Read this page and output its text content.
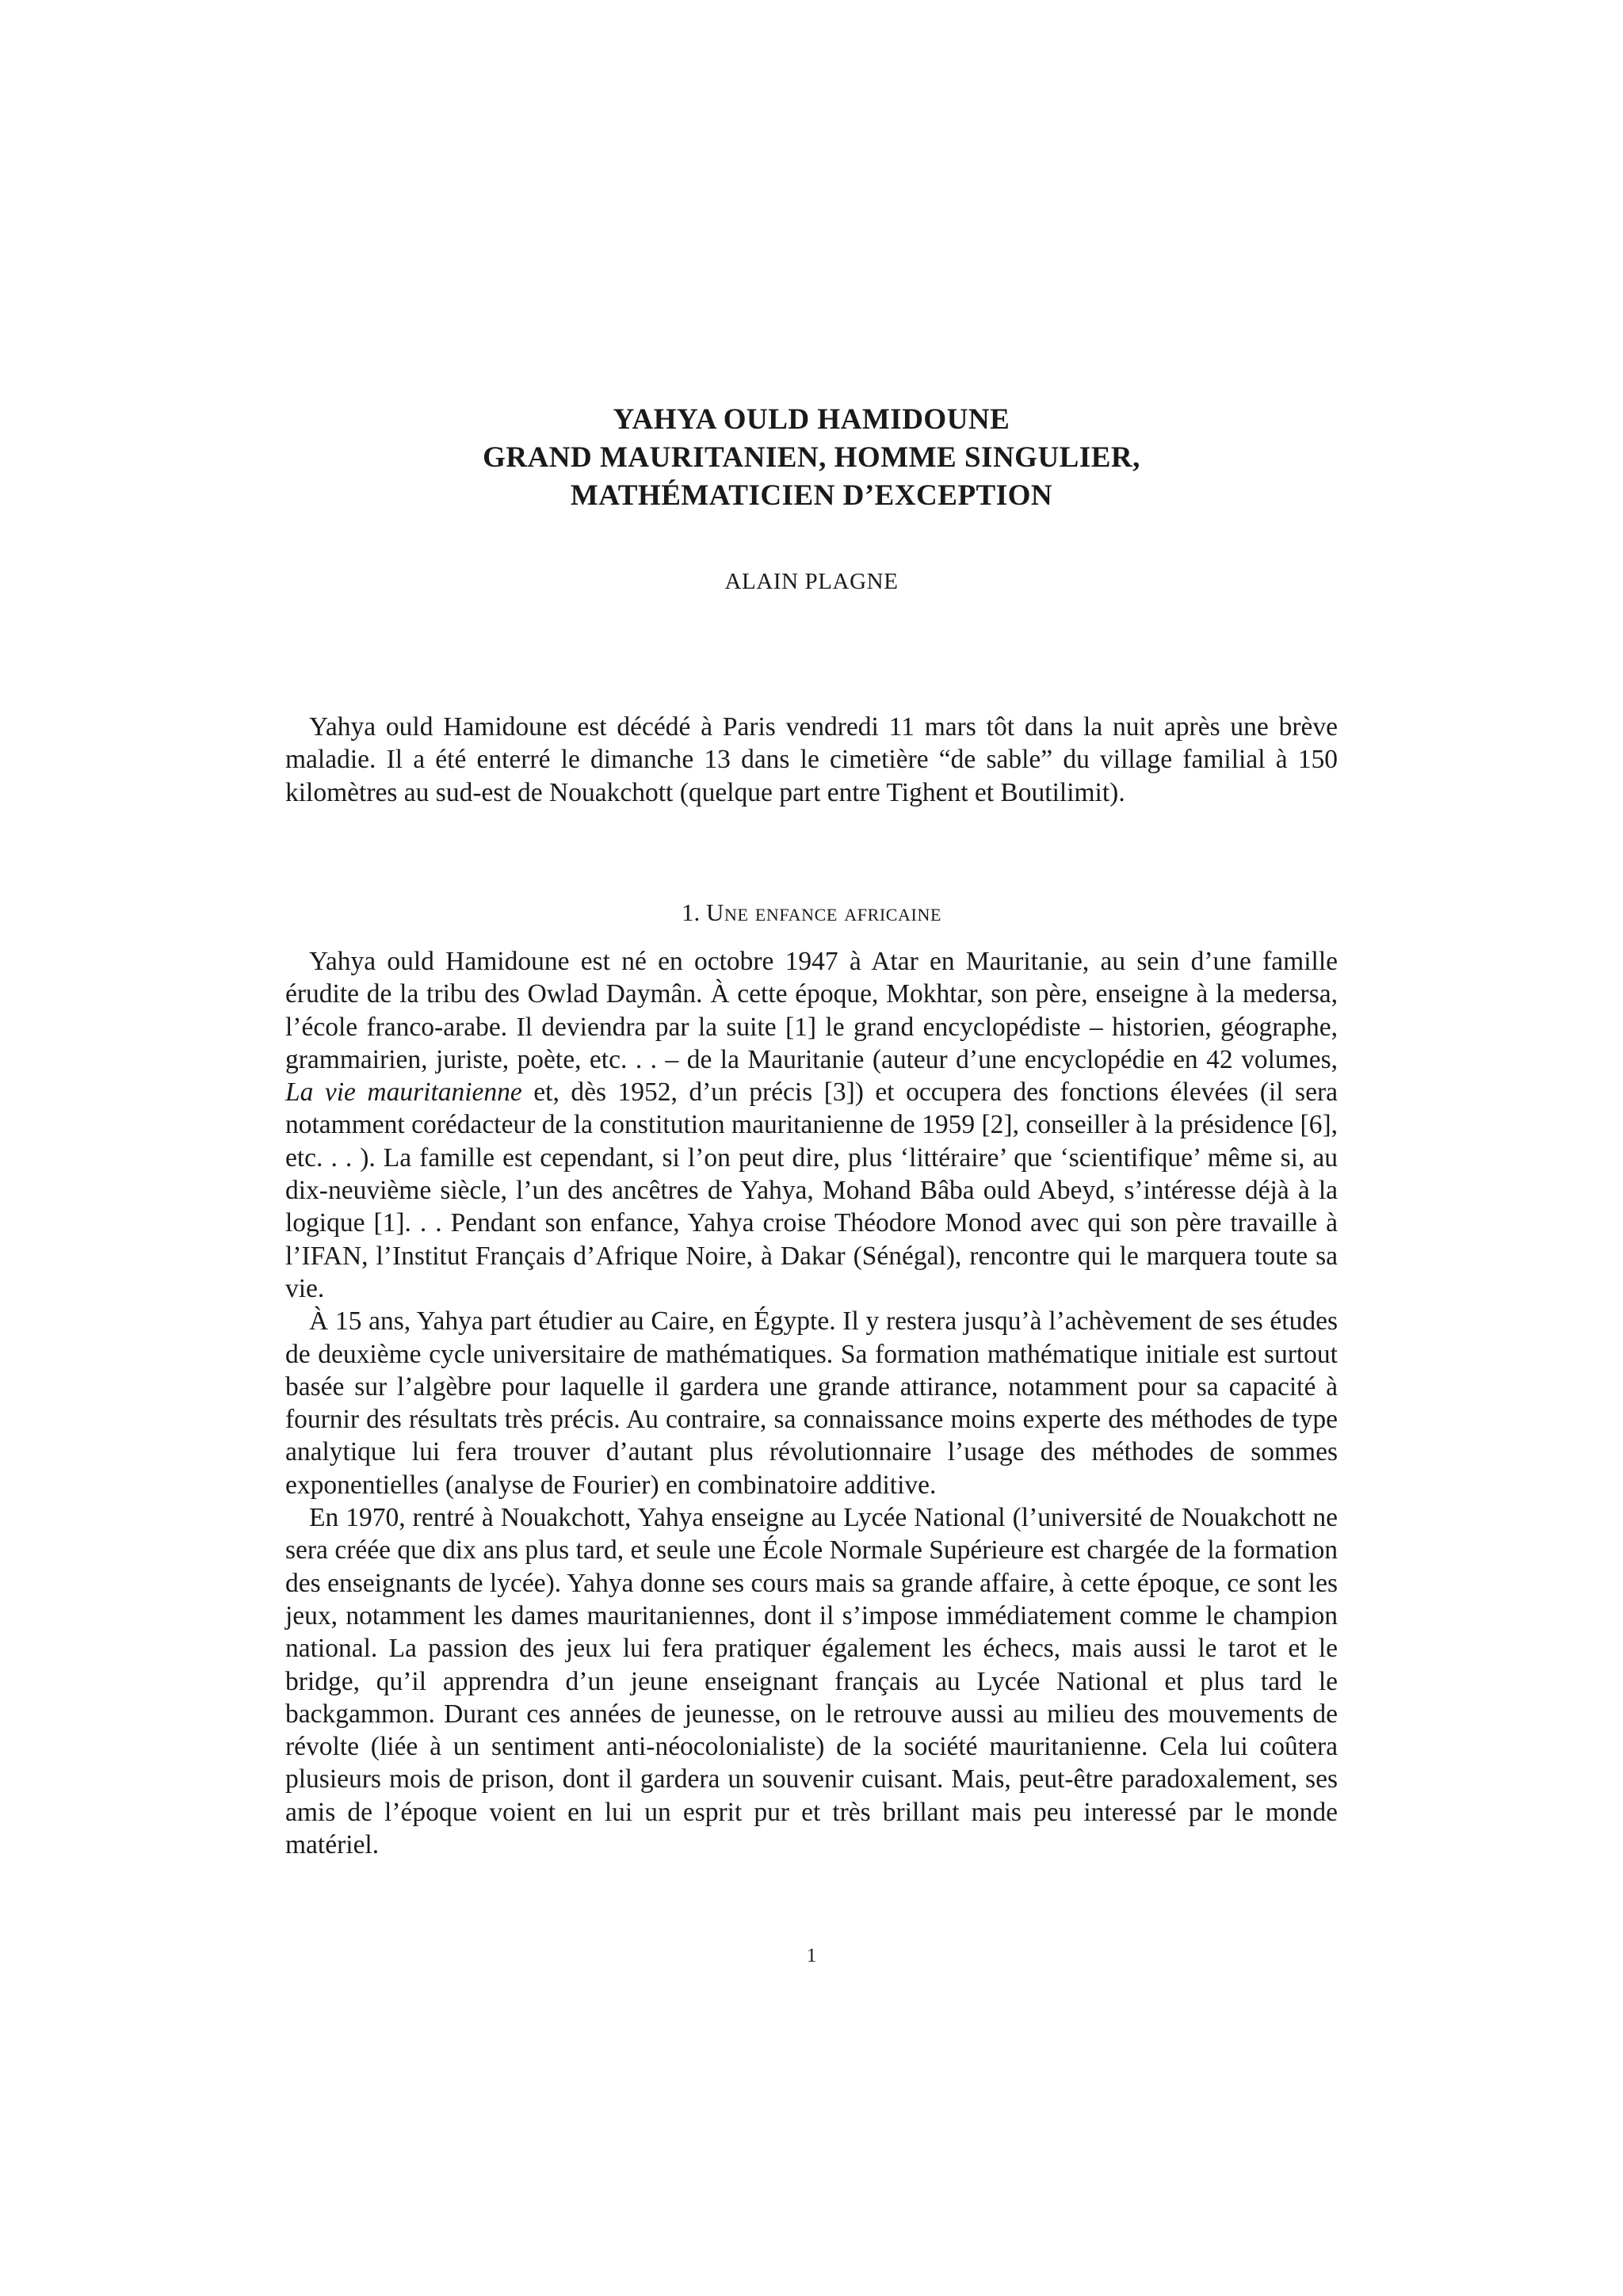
YAHYA OULD HAMIDOUNE

GRAND MAURITANIEN, HOMME SINGULIER,

MATHÉMATICIEN D’EXCEPTION

ALAIN PLAGNE

Yahya ould Hamidoune est décédé à Paris vendredi 11 mars tôt dans la nuit après une brève maladie. Il a été enterré le dimanche 13 dans le cimetière “de sable” du village familial à 150 kilomètres au sud-est de Nouakchott (quelque part entre Tighent et Boutilimit).

1. Une enfance africaine

Yahya ould Hamidoune est né en octobre 1947 à Atar en Mauritanie, au sein d’une famille érudite de la tribu des Owlad Daymân. À cette époque, Mokhtar, son père, enseigne à la medersa, l’école franco-arabe. Il deviendra par la suite [1] le grand encyclopédiste – historien, géographe, grammairien, juriste, poète, etc. . . – de la Mauritanie (auteur d’une encyclopédie en 42 volumes, La vie mauritanienne et, dès 1952, d’un précis [3]) et occupera des fonctions élevées (il sera notamment corédacteur de la constitution mauritanienne de 1959 [2], conseiller à la présidence [6], etc. . . ). La famille est cependant, si l’on peut dire, plus ‘littéraire’ que ‘scientifique’ même si, au dix-neuvième siècle, l’un des ancêtres de Yahya, Mohand Bâba ould Abeyd, s’intéresse déjà à la logique [1]. . . Pendant son enfance, Yahya croise Théodore Monod avec qui son père travaille à l’IFAN, l’Institut Français d’Afrique Noire, à Dakar (Sénégal), rencontre qui le marquera toute sa vie.

À 15 ans, Yahya part étudier au Caire, en Égypte. Il y restera jusqu’à l’achèvement de ses études de deuxième cycle universitaire de mathématiques. Sa formation mathématique initiale est surtout basée sur l’algèbre pour laquelle il gardera une grande attirance, notamment pour sa capacité à fournir des résultats très précis. Au contraire, sa connaissance moins experte des méthodes de type analytique lui fera trouver d’autant plus révolutionnaire l’usage des méthodes de sommes exponentielles (analyse de Fourier) en combinatoire additive.

En 1970, rentré à Nouakchott, Yahya enseigne au Lycée National (l’université de Nouakchott ne sera créée que dix ans plus tard, et seule une École Normale Supérieure est chargée de la formation des enseignants de lycée). Yahya donne ses cours mais sa grande affaire, à cette époque, ce sont les jeux, notamment les dames mauritaniennes, dont il s’impose immédiatement comme le champion national. La passion des jeux lui fera pratiquer également les échecs, mais aussi le tarot et le bridge, qu’il apprendra d’un jeune enseignant français au Lycée National et plus tard le backgammon. Durant ces années de jeunesse, on le retrouve aussi au milieu des mouvements de révolte (liée à un sentiment anti-néocolonialiste) de la société mauritanienne. Cela lui coûtera plusieurs mois de prison, dont il gardera un souvenir cuisant. Mais, peut-être paradoxalement, ses amis de l’époque voient en lui un esprit pur et très brillant mais peu interessé par le monde matériel.

1
